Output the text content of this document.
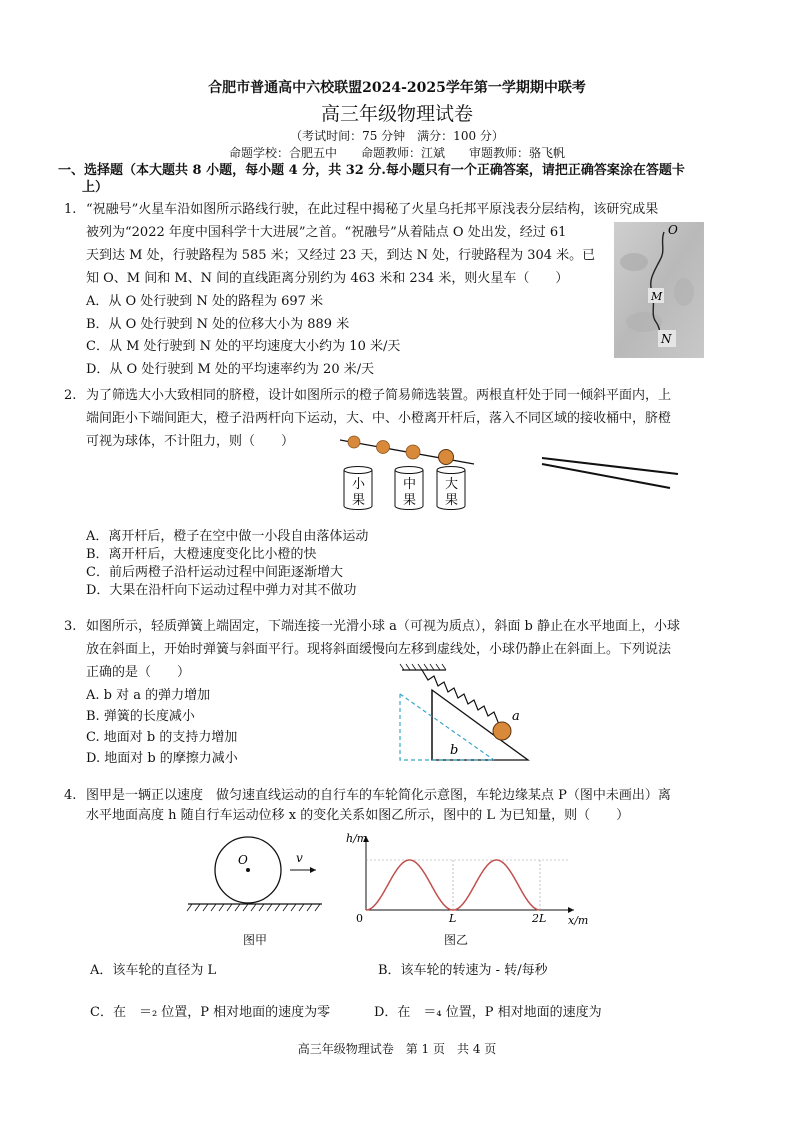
合肥市普通高中六校联盟2024-2025学年第一学期期中联考
高三年级物理试卷
（考试时间：75 分钟　满分：100 分）
命题学校：合肥五中　　命题教师：江斌　　审题教师：骆飞帆
一、选择题（本大题共 8 小题，每小题 4 分，共 32 分.每小题只有一个正确答案，请把正确答案涂在答题卡
上）
1. “祝融号”火星车沿如图所示路线行驶，在此过程中揭秘了火星乌托邦平原浅表分层结构，该研究成果
被列为“2022 年度中国科学十大进展”之首。“祝融号”从着陆点 O 处出发，经过 61
天到达 M 处，行驶路程为 585 米；又经过 23 天，到达 N 处，行驶路程为 304 米。已
知 O、M 间和 M、N 间的直线距离分别约为 463 米和 234 米，则火星车（　　）
A．从 O 处行驶到 N 处的路程为 697 米
B．从 O 处行驶到 N 处的位移大小为 889 米
C．从 M 处行驶到 N 处的平均速度大小约为 10 米/天
D．从 O 处行驶到 M 处的平均速率约为 20 米/天
O
M
N
2. 为了筛选大小大致相同的脐橙，设计如图所示的橙子简易筛选装置。两根直杆处于同一倾斜平面内，上
端间距小下端间距大，橙子沿两杆向下运动，大、中、小橙离开杆后，落入不同区域的接收桶中，脐橙
可视为球体，不计阻力，则（　　）
小
果
中
果
大
果
A．离开杆后，橙子在空中做一小段自由落体运动
B．离开杆后，大橙速度变化比小橙的快
C．前后两橙子沿杆运动过程中间距逐渐增大
D．大果在沿杆向下运动过程中弹力对其不做功
3. 如图所示，轻质弹簧上端固定，下端连接一光滑小球 a（可视为质点），斜面 b 静止在水平地面上，小球
放在斜面上，开始时弹簧与斜面平行。现将斜面缓慢向左移到虚线处，小球仍静止在斜面上。下列说法
正确的是（　　）
A. b 对 a 的弹力增加
B. 弹簧的长度减小
C. 地面对 b 的支持力增加
D. 地面对 b 的摩擦力减小
a
b
4. 图甲是一辆正以速度　做匀速直线运动的自行车的车轮简化示意图，车轮边缘某点 P（图中未画出）离
水平地面高度 h 随自行车运动位移 x 的变化关系如图乙所示，图中的 L 为已知量，则（　　）
O	v
图甲
h/m
x/m
0	L	2L
图乙
A．该车轮的直径为 L	B．该车轮的转速为 - 转/每秒
C．在　＝₂ 位置，P 相对地面的速度为零	D．在　＝₄ 位置，P 相对地面的速度为
高三年级物理试卷　第 1 页　共 4 页
